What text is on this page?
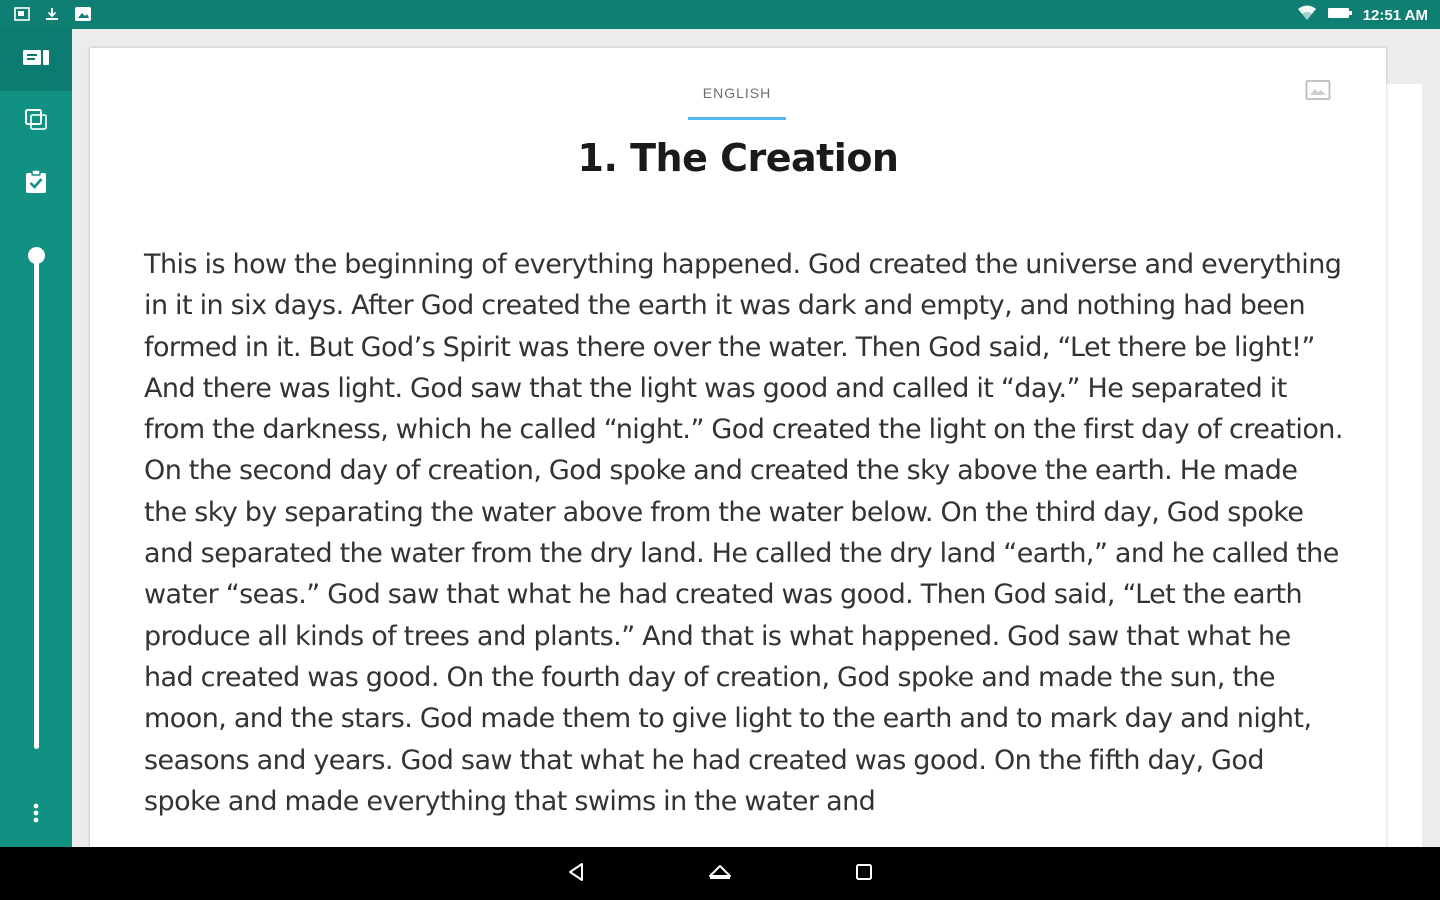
12:51 AM
ENGLISH
1. The Creation

This is how the beginning of everything happened. God created the universe and everything in it in six days. After God created the earth it was dark and empty, and nothing had been formed in it. But God’s Spirit was there over the water. Then God said, “Let there be light!” And there was light. God saw that the light was good and called it “day.” He separated it from the darkness, which he called “night.” God created the light on the first day of creation. On the second day of creation, God spoke and created the sky above the earth. He made the sky by separating the water above from the water below. On the third day, God spoke and separated the water from the dry land. He called the dry land “earth,” and he called the water “seas.” God saw that what he had created was good. Then God said, “Let the earth produce all kinds of trees and plants.” And that is what happened. God saw that what he had created was good. On the fourth day of creation, God spoke and made the sun, the moon, and the stars. God made them to give light to the earth and to mark day and night, seasons and years. God saw that what he had created was good. On the fifth day, God spoke and made everything that swims in the water and
